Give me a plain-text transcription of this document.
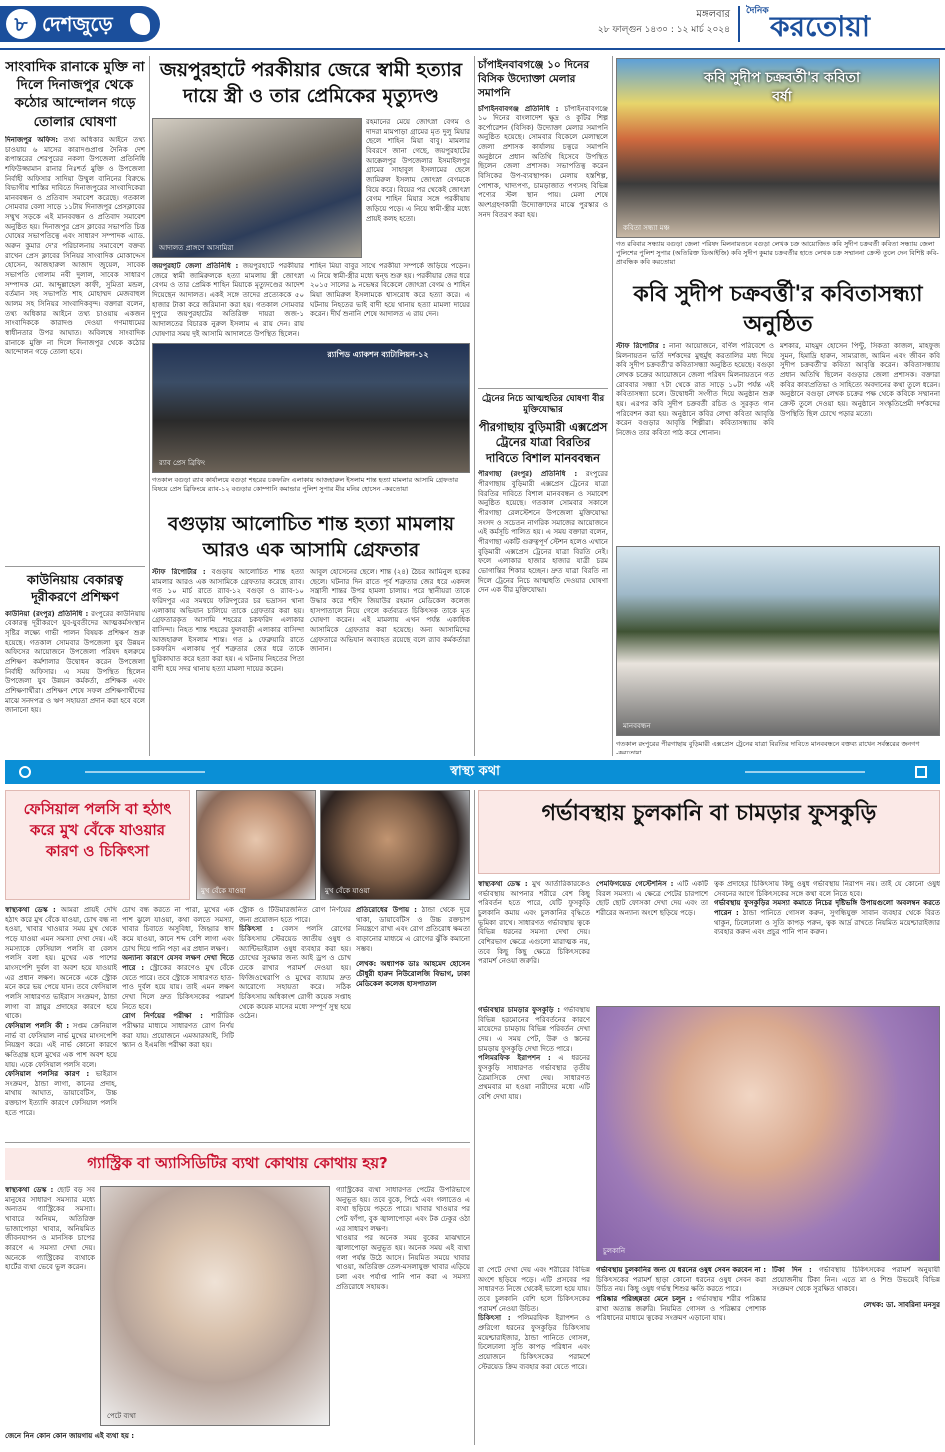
৮ দেশজুড়ে	মঙ্গলবার
২৮ ফাল্গুন ১৪৩০ : ১২ মার্চ ২০২৪
দৈনিক করতোয়া
সাংবাদিক রানাকে মুক্তি না দিলে দিনাজপুর থেকে কঠোর আন্দোলন গড়ে তোলার ঘোষণা
দিনাজপুর অফিস: তথ্য অধিকার আইনে তথ্য চাওয়ায় ৬ মাসের কারাদণ্ডপ্রাপ্ত দৈনিক দেশ রূপান্তরের শেরপুরের নকলা উপজেলা প্রতিনিধি শফিউজ্জামান রানার নিঃশর্ত মুক্তি ও উপজেলা নির্বাহী অফিসার সাদিয়া উম্মুল বানিনের বিরুদ্ধে বিভাগীয় শাস্তির দাবিতে দিনাজপুরের সাংবাদিকেরা মানববন্ধন ও প্রতিবাদ সমাবেশ করেছে। গতকাল সোমবার বেলা সাড়ে ১১টায় দিনাজপুর প্রেসক্লাবের সম্মুখ সড়কে এই মানববন্ধন ও প্রতিবাদ সমাবেশ অনুষ্ঠিত হয়। দিনাজপুর প্রেস ক্লাবের সভাপতি চিত্ত ঘোষের সভাপতিত্বে এবং সাধারণ সম্পাদক এ্যাড. অরুন কুমার দে'র পরিচালনায় সমাবেশে বক্তব্য রাখেন প্রেস ক্লাবের সিনিয়র সাংবাদিক মোকাদ্দেস হোসেন, আজহারুল আজাদ জুয়েল, সাবেক সভাপতি গোলাম নবী দুলাল, সাবেক সাধারণ সম্পাদক মো. আব্দুল্লাহেল কাফী, সুমিতা মন্ডল, বর্তমান সহ সভাপতি শাহ মোহাম্মদ মেজবাহুল আলম সহ সিনিয়র সাংবাদিকবৃন্দ। বক্তারা বলেন, তথ্য অধিকার আইনে তথ্য চাওয়ায় একজন সাংবাদিককে কারাদণ্ড দেওয়া গণমাধ্যমের স্বাধীনতার উপর আঘাত। অবিলম্বে সাংবাদিক রানাকে মুক্তি না দিলে দিনাজপুর থেকে কঠোর আন্দোলন গড়ে তোলা হবে।
কাউনিয়ায় বেকারত্ব দূরীকরণে প্রশিক্ষণ
কাউনিয়া (রংপুর) প্রতিনিধি : রংপুরের কাউনিয়ায় বেকারত্ব দূরীকরণে যুব-যুবতীদের আত্মকর্মসংস্থান সৃষ্টির লক্ষ্যে গাভী পালন বিষয়ক প্রশিক্ষণ শুরু হয়েছে। গতকাল সোমবার উপজেলা যুব উন্নয়ন অফিসের আয়োজনে উপজেলা পরিষদ হলরুমে প্রশিক্ষণ কর্মশালার উদ্বোধন করেন উপজেলা নির্বাহী অফিসার। এ সময় উপস্থিত ছিলেন উপজেলা যুব উন্নয়ন কর্মকর্তা, প্রশিক্ষক এবং প্রশিক্ষণার্থীরা। প্রশিক্ষণ শেষে সফল প্রশিক্ষণার্থীদের মাঝে সনদপত্র ও ঋণ সহায়তা প্রদান করা হবে বলে জানানো হয়।
জয়পুরহাটে পরকীয়ার জেরে স্বামী হত্যার দায়ে স্ত্রী ও তার প্রেমিকের মৃত্যুদণ্ড
আদালত প্রাঙ্গণে আসামিরা
রহমানের মেয়ে জোৎস্না বেগম ও দাদরা মামপাড়া গ্রামের মৃত দুলু মিয়ার ছেলে শাহিন মিয়া বাবু। মামলার বিবরণে জানা গেছে, জয়পুরহাটের আক্কেলপুর উপজেলার ইসমাইলপুর গ্রামের সাহাবুল ইসলামের ছেলে জামিরুল ইসলাম জোৎস্না বেগমকে বিয়ে করে। বিয়ের পর থেকেই জোৎস্না বেগম শাহিন মিয়ার সঙ্গে পরকীয়ায় জড়িয়ে পড়ে। এ নিয়ে স্বামী-স্ত্রীর মধ্যে প্রায়ই কলহ হতো।
জয়পুরহাট জেলা প্রতিনিধি : জয়পুরহাটে পরকীয়ার জেরে স্বামী জামিরুলকে হত্যা মামলায় স্ত্রী জোৎস্না বেগম ও তার প্রেমিক শাহিন মিয়াকে মৃত্যুদণ্ডের আদেশ দিয়েছেন আদালত। একই সঙ্গে তাদের প্রত্যেককে ৫০ হাজার টাকা করে জরিমানা করা হয়। গতকাল সোমবার দুপুরে জয়পুরহাটের অতিরিক্ত দায়রা জজ-১ আদালতের বিচারক নুরুল ইসলাম এ রায় দেন। রায় ঘোষণার সময় দুই আসামি আদালতে উপস্থিত ছিলেন।
শাহিন মিয়া বাবুর সাথে পরকীয়া সম্পর্কে জড়িয়ে পড়েন। এ নিয়ে স্বামী-স্ত্রীর মধ্যে দ্বন্দ্ব শুরু হয়। পরকীয়ার জের ধরে ২০১৫ সালের ৯ নভেম্বর বিকেলে জোৎস্না বেগম ও শাহিন মিয়া জামিরুল ইসলামকে শ্বাসরোধ করে হত্যা করে। এ ঘটনায় নিহতের ভাই বাদী হয়ে থানায় হত্যা মামলা দায়ের করেন। দীর্ঘ শুনানি শেষে আদালত এ রায় দেন।
র‍্যাপিড এ্যাকশন ব্যাটালিয়ন-১২
র‍্যাব প্রেস ব্রিফিং
গতকাল বগুড়া র‍্যাব কার্যালয়ে বগুড়া শহরের চকফরিদ এলাকায় আজহারুল ইসলাম শান্ত হত্যা মামলার আসামি গ্রেফতার বিষয়ে প্রেস ব্রিফিংয়ে র‍্যাব-১২ বগুড়ার কোম্পানি কমান্ডার পুলিশ সুপার মীর মনির হোসেন -করতোয়া
বগুড়ায় আলোচিত শান্ত হত্যা মামলায় আরও এক আসামি গ্রেফতার
স্টাফ রিপোর্টার : বগুড়ায় আলোচিত শান্ত হত্যা মামলার আরও এক আসামিকে গ্রেফতার করেছে র‍্যাব। গত ১০ মার্চ রাতে র‍্যাব-১২ বগুড়া ও র‍্যাব-১০ ফরিদপুর এর সমন্বয়ে ফরিদপুরের চর ভদ্রাসন থানা এলাকায় অভিযান চালিয়ে তাকে গ্রেফতার করা হয়। গ্রেফতারকৃত আসামি শহরের চকফরিদ এলাকার বাসিন্দা। নিহত শান্ত শহরের ফুলবাড়ী এলাকার বাসিন্দা আজহারুল ইসলাম শান্ত। গত ৯ ফেব্রুয়ারি রাতে চকফরিদ এলাকায় পূর্ব শত্রুতার জের ধরে তাকে ছুরিকাঘাত করে হত্যা করা হয়। এ ঘটনায় নিহতের পিতা বাদী হয়ে সদর থানায় হত্যা মামলা দায়ের করেন।
আবুল হোসেনের ছেলে। শান্ত (২৪) ঠৈচর আমিনুল হকের ছেলে। ঘটনার দিন রাতে পূর্ব শত্রুতার জের ধরে একদল সন্ত্রাসী শান্তর উপর হামলা চালায়। পরে স্থানীয়রা তাকে উদ্ধার করে শহীদ জিয়াউর রহমান মেডিকেল কলেজ হাসপাতালে নিয়ে গেলে কর্তব্যরত চিকিৎসক তাকে মৃত ঘোষণা করেন। এই মামলায় এখন পর্যন্ত একাধিক আসামিকে গ্রেফতার করা হয়েছে। অন্য আসামিদের গ্রেফতারে অভিযান অব্যাহত রয়েছে বলে র‍্যাব কর্মকর্তারা জানান।
চাঁপাইনবাবগঞ্জে ১০ দিনের বিসিক উদ্যোক্তা মেলার সমাপনি
চাঁপাইনবাবগঞ্জ প্রতিনিধি : চাঁপাইনবাবগঞ্জে ১০ দিনের বাংলাদেশ ক্ষুদ্র ও কুটির শিল্প কর্পোরেশন (বিসিক) উদ্যোক্তা মেলার সমাপনি অনুষ্ঠিত হয়েছে। সোমবার বিকেলে মেলাস্থলে জেলা প্রশাসক কার্যালয় চত্বরে সমাপনি অনুষ্ঠানে প্রধান অতিথি হিসেবে উপস্থিত ছিলেন জেলা প্রশাসক। সভাপতিত্ব করেন বিসিকের উপ-ব্যবস্থাপক। মেলায় হস্তশিল্প, পোশাক, খাদ্যপণ্য, চামড়াজাত পণ্যসহ বিভিন্ন পণ্যের স্টল স্থান পায়। মেলা শেষে অংশগ্রহণকারী উদ্যোক্তাদের মাঝে পুরস্কার ও সনদ বিতরণ করা হয়।
ট্রেনের নিচে আত্মহুতির ঘোষণা বীর মুক্তিযোদ্ধার
পীরগাছায় বুড়িমারী এক্সপ্রেস ট্রেনের যাত্রা বিরতির দাবিতে বিশাল মানববন্ধন
পীরগাছা (রংপুর) প্রতিনিধি : রংপুরের পীরগাছায় বুড়িমারী এক্সপ্রেস ট্রেনের যাত্রা বিরতির দাবিতে বিশাল মানববন্ধন ও সমাবেশ অনুষ্ঠিত হয়েছে। গতকাল সোমবার সকালে পীরগাছা রেলস্টেশনে উপজেলা মুক্তিযোদ্ধা সংসদ ও সচেতন নাগরিক সমাজের আয়োজনে এই কর্মসূচি পালিত হয়। এ সময় বক্তারা বলেন, পীরগাছা একটি গুরুত্বপূর্ণ স্টেশন হলেও এখানে বুড়িমারী এক্সপ্রেস ট্রেনের যাত্রা বিরতি নেই। ফলে এলাকার হাজার হাজার যাত্রী চরম ভোগান্তির শিকার হচ্ছেন। দ্রুত যাত্রা বিরতি না দিলে ট্রেনের নিচে আত্মহুতি দেওয়ার ঘোষণা দেন এক বীর মুক্তিযোদ্ধা।
কবি সুদীপ চক্রবর্তী'র কবিতা বর্ষা
কবিতা সন্ধ্যা মঞ্চ
গত রবিবার সন্ধ্যায় বগুড়া জেলা পরিষদ মিলনায়তনে বগুড়া লেখক চক্র আয়োজিত কবি সুদীপ চক্রবর্তী কবিতা সন্ধ্যায় জেলা পুলিশের পুলিশ সুপার (অতিরিক্ত ডিআইজি) কবি সুদীপ কুমার চক্রবর্তীর হাতে লেখক চক্র সম্মাননা ক্রেস্ট তুলে দেন বিশিষ্ট কবি-প্রাবন্ধিক কবি করতোয়া
কবি সুদীপ চক্রবর্ত্তী'র কবিতাসন্ধ্যা অনুষ্ঠিত
স্টাফ রিপোর্টার : নানা আয়োজনে, বর্ণিল পরিবেশে ও মিলনায়তন ভর্তি দর্শকদের মুহুর্মুহু করতালির মধ্য দিয়ে কবি সুদীপ চক্রবর্তী'র কবিতাসন্ধ্যা অনুষ্ঠিত হয়েছে। বগুড়া লেখক চক্রের আয়োজনে জেলা পরিষদ মিলনায়তনে গত রোববার সন্ধ্যা ৭টা থেকে রাত সাড়ে ১০টা পর্যন্ত এই কবিতাসন্ধ্যা চলে। উদ্বোধনী সংগীত দিয়ে অনুষ্ঠান শুরু হয়। এরপর কবি সুদীপ চক্রবর্তী রচিত ও সুরকৃত গান পরিবেশন করা হয়। অনুষ্ঠানে কবির লেখা কবিতা আবৃত্তি করেন বগুড়ার আবৃত্তি শিল্পীরা। কবিতাসন্ধ্যায় কবি নিজেও তার কবিতা পাঠ করে শোনান।
মশকার, মাহমুদ হোসেন পিন্টু, সিকতা কাজল, মাহফুজ সুমন, হিমাদ্রি হারুন, সাম্যরাজ, আমিন এবং জীবন কবি সুদীপ চক্রবর্তী'র কবিতা আবৃত্তি করেন। কবিতাসন্ধ্যায় প্রধান অতিথি ছিলেন বগুড়ার জেলা প্রশাসক। বক্তারা কবির কাব্যপ্রতিভা ও সাহিত্যে অবদানের কথা তুলে ধরেন। অনুষ্ঠানে বগুড়া লেখক চক্রের পক্ষ থেকে কবিকে সম্মাননা ক্রেস্ট তুলে দেওয়া হয়। অনুষ্ঠানে সংস্কৃতিপ্রেমী দর্শকদের উপস্থিতি ছিল চোখে পড়ার মতো।
মানববন্ধন
গতকাল রংপুরের পীরগাছায় বুড়িমারী এক্সপ্রেস ট্রেনের যাত্রা বিরতির দাবিতে মানববন্ধনে বক্তব্য রাখেন সর্বস্তরের জনগণ -করতোয়া
স্বাস্থ্য কথা
ফেসিয়াল পলসি বা হঠাৎ করে মুখ বেঁকে যাওয়ার কারণ ও চিকিৎসা
মুখ বেঁকে যাওয়া	মুখ বেঁকে যাওয়া
স্বাস্থ্যকথা ডেস্ক : আমরা প্রায়ই দেখি হঠাৎ করে মুখ বেঁকে যাওয়া, চোখ বন্ধ না হওয়া, খাবার খাওয়ার সময় মুখ থেকে পড়ে যাওয়া এমন সমস্যা দেখা দেয়। এই সমস্যাকে ফেসিয়াল পলসি বা বেলস পলসি বলা হয়। মুখের এক পাশের মাংসপেশি দুর্বল বা অবশ হয়ে যাওয়াই এর প্রধান লক্ষণ। অনেকে একে স্ট্রোক মনে করে ভয় পেয়ে যান। তবে ফেসিয়াল পলসি সাধারণত ভাইরাস সংক্রমণ, ঠান্ডা লাগা বা স্নায়ুর প্রদাহের কারণে হয়ে থাকে।
ফেসিয়াল পলসি কী : সপ্তম ক্রেনিয়াল নার্ভ বা ফেসিয়াল নার্ভ মুখের মাংসপেশি নিয়ন্ত্রণ করে। এই নার্ভ কোনো কারণে ক্ষতিগ্রস্ত হলে মুখের এক পাশ অবশ হয়ে যায়। একে ফেসিয়াল পলসি বলে।
ফেসিয়াল পলসির কারণ : ভাইরাস সংক্রমণ, ঠান্ডা লাগা, কানের প্রদাহ, মাথায় আঘাত, ডায়াবেটিস, উচ্চ রক্তচাপ ইত্যাদি কারণে ফেসিয়াল পলসি হতে পারে।
চোখ বন্ধ করতে না পারা, মুখের এক পাশ ঝুলে যাওয়া, কথা বলতে সমস্যা, খাবার চিবাতে অসুবিধা, জিহ্বার স্বাদ কমে যাওয়া, কানে শব্দ বেশি লাগা এবং চোখ দিয়ে পানি পড়া এর প্রধান লক্ষণ।
অন্যান্য কারণে যেসব লক্ষণ দেখা দিতে পারে : স্ট্রোকের কারণেও মুখ বেঁকে যেতে পারে। তবে স্ট্রোকে সাধারণত হাত-পাও দুর্বল হয়ে যায়। তাই এমন লক্ষণ দেখা দিলে দ্রুত চিকিৎসকের পরামর্শ নিতে হবে।
রোগ নির্ণয়ের পরীক্ষা : শারীরিক পরীক্ষার মাধ্যমে সাধারণত রোগ নির্ণয় করা যায়। প্রয়োজনে এমআরআই, সিটি স্ক্যান ও ইএমজি পরীক্ষা করা হয়।
স্ট্রোক ও টিউমারজনিত রোগ নির্ণয়ের জন্য প্রয়োজন হতে পারে।
চিকিৎসা : বেলস পলসি রোগের চিকিৎসায় স্টেরয়েড জাতীয় ওষুধ ও অ্যান্টিভাইরাল ওষুধ ব্যবহার করা হয়। চোখের সুরক্ষার জন্য আই ড্রপ ও চোখ ঢেকে রাখার পরামর্শ দেওয়া হয়। ফিজিওথেরাপি ও মুখের ব্যায়াম দ্রুত আরোগ্যে সহায়তা করে। সঠিক চিকিৎসায় অধিকাংশ রোগী কয়েক সপ্তাহ থেকে কয়েক মাসের মধ্যে সম্পূর্ণ সুস্থ হয়ে ওঠেন।
প্রতিরোধের উপায় : ঠান্ডা থেকে দূরে থাকা, ডায়াবেটিস ও উচ্চ রক্তচাপ নিয়ন্ত্রণে রাখা এবং রোগ প্রতিরোধ ক্ষমতা বাড়ানোর মাধ্যমে এ রোগের ঝুঁকি কমানো সম্ভব।
লেখক: অধ্যাপক ডাঃ আহমেদ হোসেন চৌধুরী হারুন নিউরোলজি বিভাগ, ঢাকা মেডিকেল কলেজ হাসপাতাল
গ্যাস্ট্রিক বা অ্যাসিডিটির ব্যথা কোথায় কোথায় হয়?
স্বাস্থ্যকথা ডেস্ক : ছোট বড় সব মানুষের সাধারণ সমস্যার মধ্যে অন্যতম গ্যাস্ট্রিকের সমস্যা। খাবারে অনিয়ম, অতিরিক্ত ভাজাপোড়া খাবার, অনিয়মিত জীবনযাপন ও মানসিক চাপের কারণে এ সমস্যা দেখা দেয়। অনেকে গ্যাস্ট্রিকের ব্যথাকে হার্টের ব্যথা ভেবে ভুল করেন।
পেটে ব্যথা
গ্যাস্ট্রিকের ব্যথা সাধারণত পেটের উপরিভাগে অনুভূত হয়। তবে বুকে, পিঠে এবং গলাতেও এ ব্যথা ছড়িয়ে পড়তে পারে। খাবার খাওয়ার পর পেট ফাঁপা, বুক জ্বালাপোড়া এবং টক ঢেকুর ওঠা এর সাধারণ লক্ষণ।
খাওয়ার পর অনেক সময় বুকের মাঝখানে জ্বালাপোড়া অনুভূত হয়। অনেক সময় এই ব্যথা গলা পর্যন্ত উঠে আসে। নিয়মিত সময়ে খাবার খাওয়া, অতিরিক্ত তেল-মসলাযুক্ত খাবার এড়িয়ে চলা এবং পর্যাপ্ত পানি পান করা এ সমস্যা প্রতিরোধে সহায়ক।
জেনে নিন কোন কোন জায়গায় এই ব্যথা হয় :
গর্ভাবস্থায় চুলকানি বা চামড়ার ফুসকুড়ি
স্বাস্থ্যকথা ডেস্ক : মুখ আর্তারিকারকেও গর্ভাবস্থায় আপনার শরীরে বেশ কিছু পরিবর্তন হতে পারে, যেটি ফুসকুড়ি চুলকানি কমায় এবং চুলকানির বৃদ্ধিতে ভূমিকা রাখে। সাধারণত গর্ভাবস্থায় ত্বকে বিভিন্ন ধরনের সমস্যা দেখা দেয়। বেশিরভাগ ক্ষেত্রে এগুলো মারাত্মক নয়, তবে কিছু কিছু ক্ষেত্রে চিকিৎসকের পরামর্শ নেওয়া জরুরি।
পেমফিগয়েড গেস্টেশনিস : এটি একটি বিরল সমস্যা। এ ক্ষেত্রে পেটের চারপাশে ছোট ছোট ফোসকা দেখা দেয় এবং তা শরীরের অন্যান্য অংশে ছড়িয়ে পড়ে।
ত্বক প্রদাহের চিকিৎসায় কিছু ওষুধ গর্ভাবস্থায় নিরাপদ নয়। তাই যে কোনো ওষুধ সেবনের আগে চিকিৎসকের সঙ্গে কথা বলে নিতে হবে।
গর্ভাবস্থায় ফুসকুড়ির সমস্যা কমাতে নিচের দৃষ্টিভঙ্গি উপায়গুলো অবলম্বন করতে পারেন : ঠান্ডা পানিতে গোসল করুন, সুগন্ধিযুক্ত সাবান ব্যবহার থেকে বিরত থাকুন, ঢিলেঢালা ও সুতি কাপড় পরুন, ত্বক আর্দ্র রাখতে নিয়মিত ময়েশ্চারাইজার ব্যবহার করুন এবং প্রচুর পানি পান করুন।
গর্ভাবস্থার চামড়ার ফুসকুড়ি : গর্ভাবস্থায় বিভিন্ন হরমোনের পরিবর্তনের কারণে মায়েদের চামড়ায় বিভিন্ন পরিবর্তন দেখা দেয়। এ সময় পেট, উরু ও স্তনের চামড়ায় ফুসকুড়ি দেখা দিতে পারে।
পলিমরফিক ইরাপশন : এ ধরনের ফুসকুড়ি সাধারণত গর্ভাবস্থার তৃতীয় ত্রৈমাসিকে দেখা দেয়। সাধারণত প্রথমবার মা হওয়া নারীদের মধ্যে এটি বেশি দেখা যায়।
চুলকানি
বা পেটে দেখা দেয় এবং শরীরের বিভিন্ন অংশে ছড়িয়ে পড়ে। এটি প্রসবের পর সাধারণত নিজে থেকেই ভালো হয়ে যায়। তবে চুলকানি বেশি হলে চিকিৎসকের পরামর্শ নেওয়া উচিত।
চিকিৎসা : পলিমরফিক ইরাপশন ও প্রুরিগো ধরনের ফুসকুড়ির চিকিৎসায় ময়েশ্চারাইজার, ঠান্ডা পানিতে গোসল, ঢিলেঢালা সুতি কাপড় পরিধান এবং প্রয়োজনে চিকিৎসকের পরামর্শে স্টেরয়েড ক্রিম ব্যবহার করা যেতে পারে।
গর্ভাবস্থায় চুলকানির জন্য যে ধরনের ওষুধ সেবন করবেন না : চিকিৎসকের পরামর্শ ছাড়া কোনো ধরনের ওষুধ সেবন করা উচিত নয়। কিছু ওষুধ গর্ভস্থ শিশুর ক্ষতি করতে পারে।
পরিষ্কার পরিচ্ছন্নতা মেনে চলুন : গর্ভাবস্থায় শরীর পরিষ্কার রাখা অত্যন্ত জরুরি। নিয়মিত গোসল ও পরিষ্কার পোশাক পরিধানের মাধ্যমে ত্বকের সংক্রমণ এড়ানো যায়।
টিকা দিন : গর্ভাবস্থায় চিকিৎসকের পরামর্শ অনুযায়ী প্রয়োজনীয় টিকা নিন। এতে মা ও শিশু উভয়েই বিভিন্ন সংক্রমণ থেকে সুরক্ষিত থাকবে।
লেখক: ডা. সাবরিনা মনসুর
